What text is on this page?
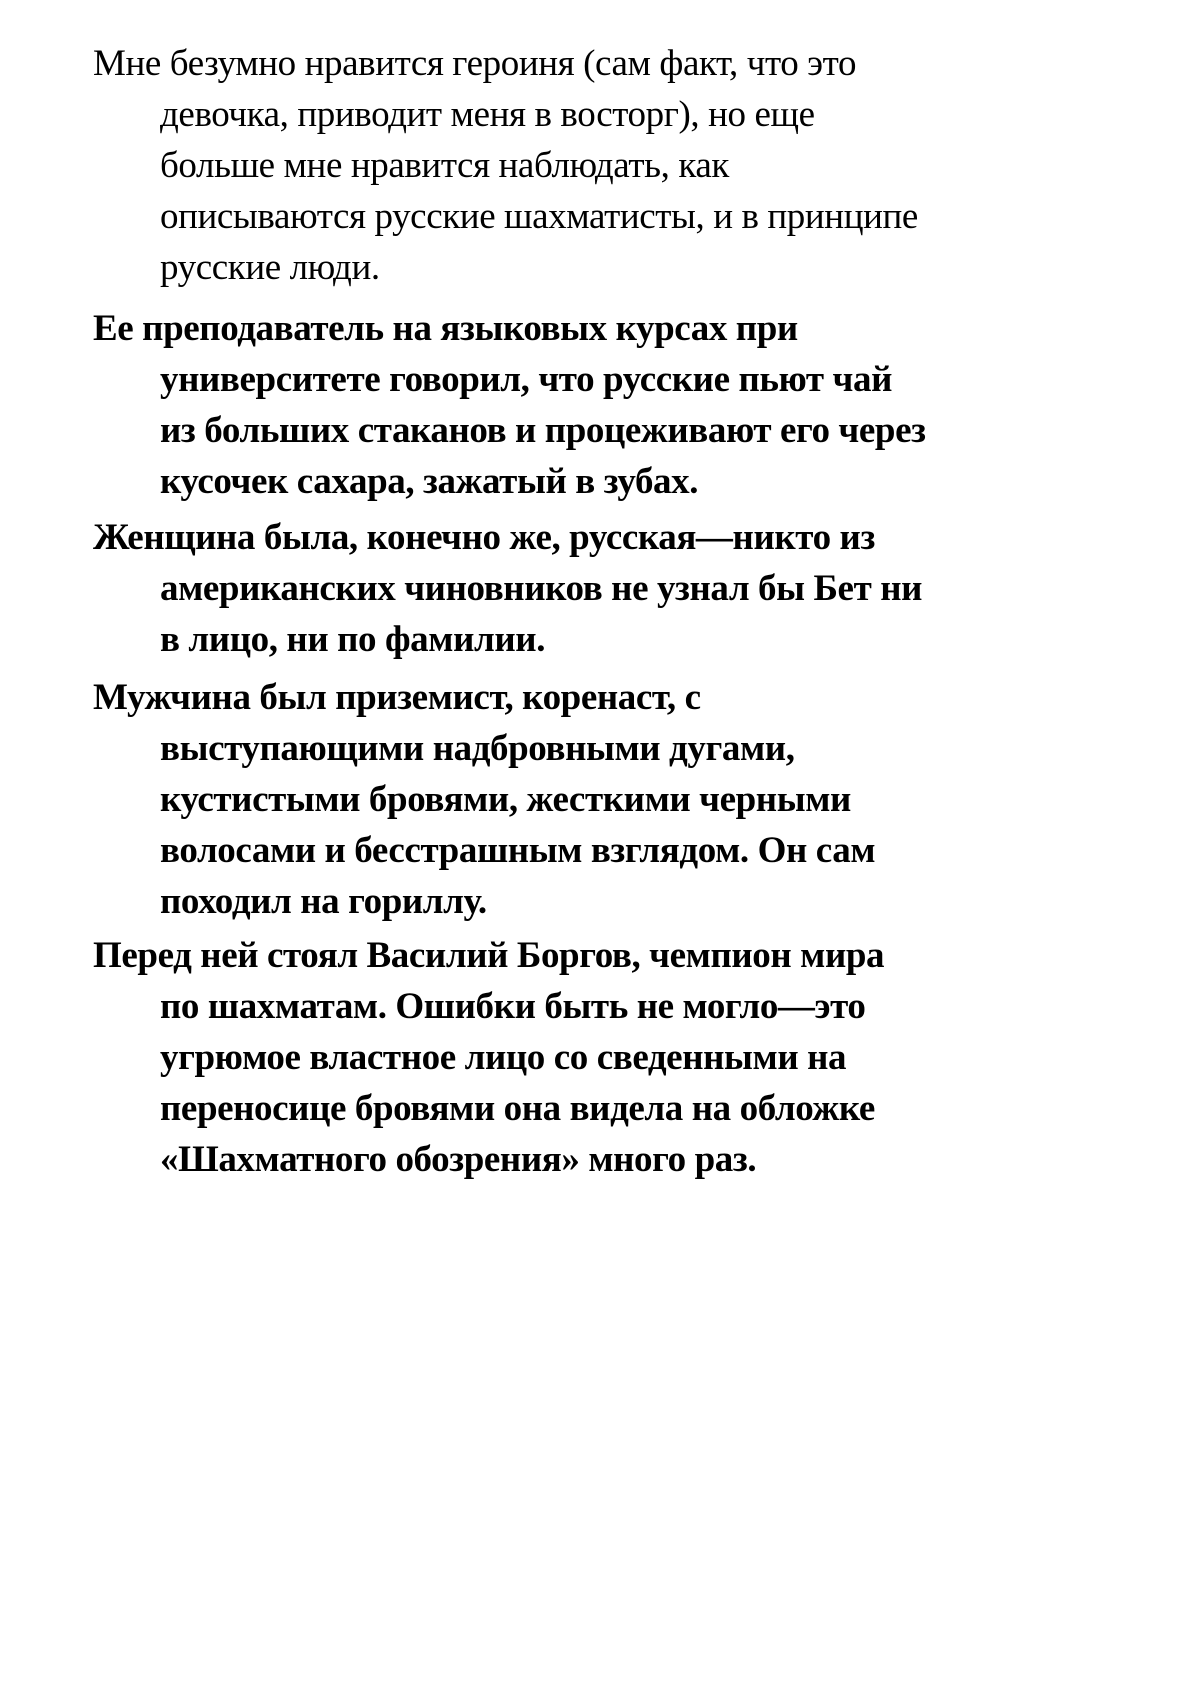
Мне безумно нравится героиня (сам факт, что это
девочка, приводит меня в восторг), но еще
больше мне нравится наблюдать, как
описываются русские шахматисты, и в принципе
русские люди.

Ее преподаватель на языковых курсах при
университете говорил, что русские пьют чай
из больших стаканов и процеживают его через
кусочек сахара, зажатый в зубах.

Женщина была, конечно же, русская—никто из
американских чиновников не узнал бы Бет ни
в лицо, ни по фамилии.

Мужчина был приземист, коренаст, с
выступающими надбровными дугами,
кустистыми бровями, жесткими черными
волосами и бесстрашным взглядом. Он сам
походил на гориллу.

Перед ней стоял Василий Боргов, чемпион мира
по шахматам. Ошибки быть не могло—это
угрюмое властное лицо со сведенными на
переносице бровями она видела на обложке
«Шахматного обозрения» много раз.
